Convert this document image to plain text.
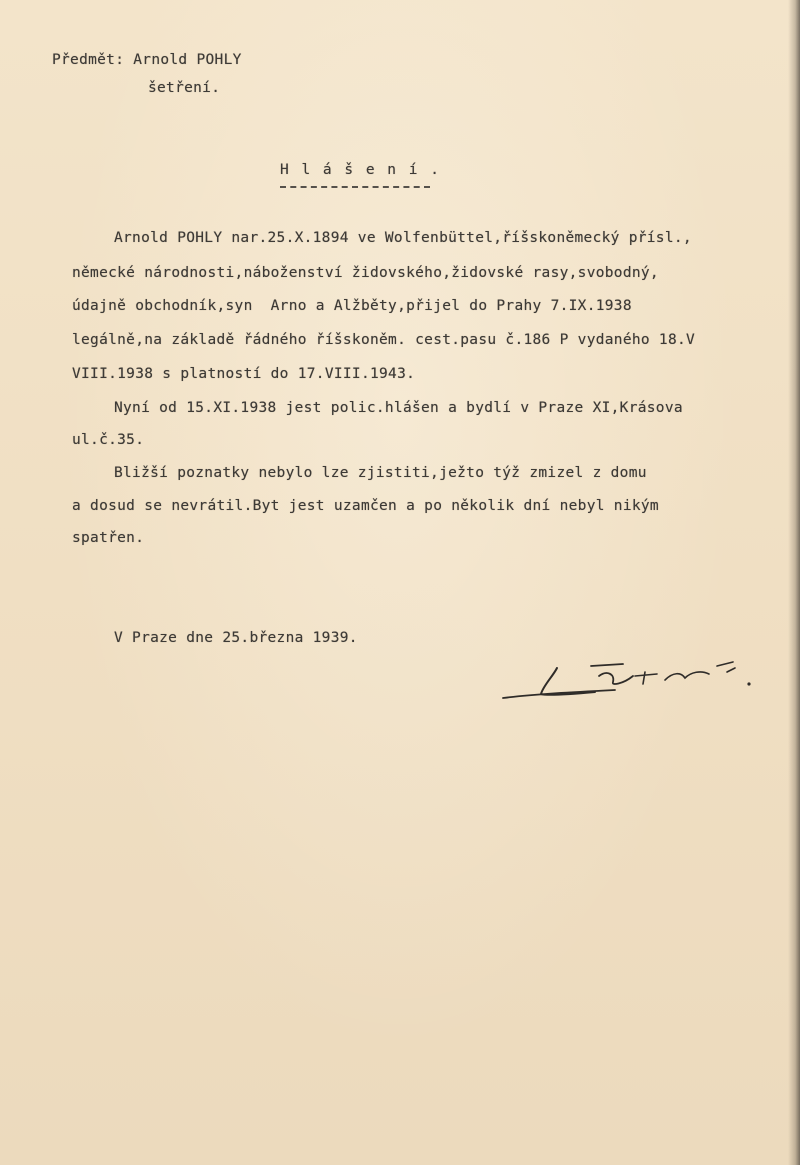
Předmět: Arnold POHLY
šetření.
H l á š e n í .
Arnold POHLY nar.25.X.1894 ve Wolfenbüttel,říšskoněmecký přísl.,
německé národnosti,náboženství židovského,židovské rasy,svobodný,
údajně obchodník,syn  Arno a Alžběty,přijel do Prahy 7.IX.1938
legálně,na základě řádného říšskoněm. cest.pasu č.186 P vydaného 18.V
VIII.1938 s platností do 17.VIII.1943.
Nyní od 15.XI.1938 jest polic.hlášen a bydlí v Praze XI,Krásova
ul.č.35.
Bližší poznatky nebylo lze zjistiti,ježto týž zmizel z domu
a dosud se nevrátil.Byt jest uzamčen a po několik dní nebyl nikým
spatřen.
V Praze dne 25.března 1939.
